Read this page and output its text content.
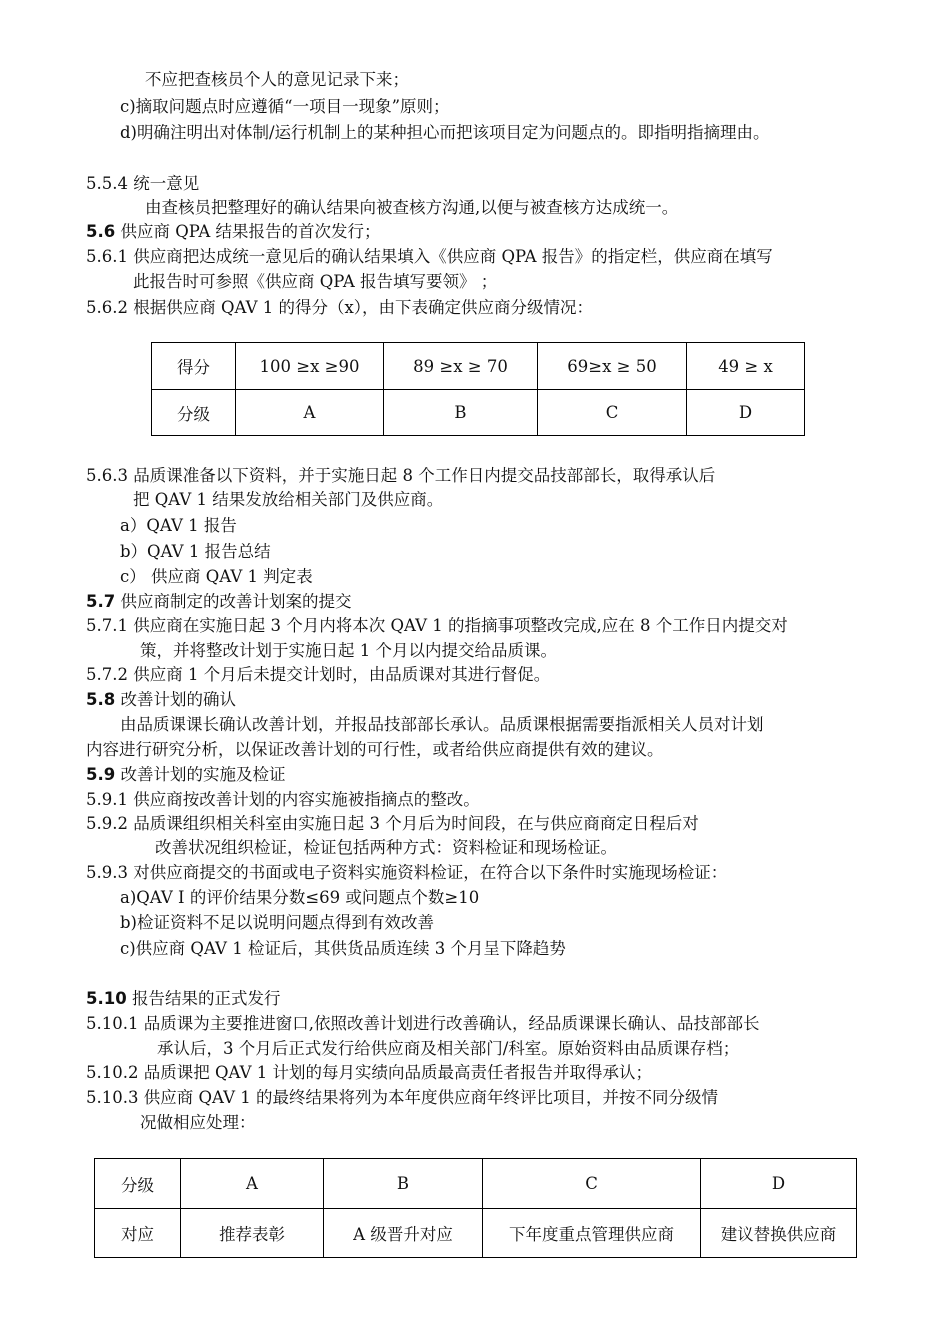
不应把查核员个人的意见记录下来；
c)摘取问题点时应遵循“一项目一现象”原则；
d)明确注明出对体制/运行机制上的某种担心而把该项目定为问题点的。即指明指摘理由。
5.5.4 统一意见
由查核员把整理好的确认结果向被查核方沟通,以便与被查核方达成统一。
5.6 供应商 QPA 结果报告的首次发行；
5.6.1 供应商把达成统一意见后的确认结果填入《供应商 QPA 报告》的指定栏，供应商在填写
此报告时可参照《供应商 QPA 报告填写要领》 ；
5.6.2 根据供应商 QAV 1 的得分（x），由下表确定供应商分级情况：
得分	100 ≥x ≥90	89 ≥x ≥ 70	69≥x ≥ 50	49 ≥ x
分级	A	B	C	D
5.6.3 品质课准备以下资料，并于实施日起 8 个工作日内提交品技部部长，取得承认后
把 QAV 1 结果发放给相关部门及供应商。
a）QAV 1 报告
b）QAV 1 报告总结
c） 供应商 QAV 1 判定表
5.7 供应商制定的改善计划案的提交
5.7.1 供应商在实施日起 3 个月内将本次 QAV 1 的指摘事项整改完成,应在 8 个工作日内提交对
策，并将整改计划于实施日起 1 个月以内提交给品质课。
5.7.2 供应商 1 个月后未提交计划时，由品质课对其进行督促。
5.8 改善计划的确认
由品质课课长确认改善计划，并报品技部部长承认。品质课根据需要指派相关人员对计划
内容进行研究分析，以保证改善计划的可行性，或者给供应商提供有效的建议。
5.9 改善计划的实施及检证
5.9.1 供应商按改善计划的内容实施被指摘点的整改。
5.9.2 品质课组织相关科室由实施日起 3 个月后为时间段，在与供应商商定日程后对
改善状况组织检证，检证包括两种方式：资料检证和现场检证。
5.9.3 对供应商提交的书面或电子资料实施资料检证，在符合以下条件时实施现场检证：
a)QAV I 的评价结果分数≤69 或问题点个数≥10
b)检证资料不足以说明问题点得到有效改善
c)供应商 QAV 1 检证后，其供货品质连续 3 个月呈下降趋势
5.10 报告结果的正式发行
5.10.1 品质课为主要推进窗口,依照改善计划进行改善确认，经品质课课长确认、品技部部长
承认后，3 个月后正式发行给供应商及相关部门/科室。原始资料由品质课存档；
5.10.2 品质课把 QAV 1 计划的每月实绩向品质最高责任者报告并取得承认；
5.10.3 供应商 QAV 1 的最终结果将列为本年度供应商年终评比项目，并按不同分级情
况做相应处理：
分级	A	B	C	D
对应	推荐表彰	A 级晋升对应	下年度重点管理供应商	建议替换供应商
